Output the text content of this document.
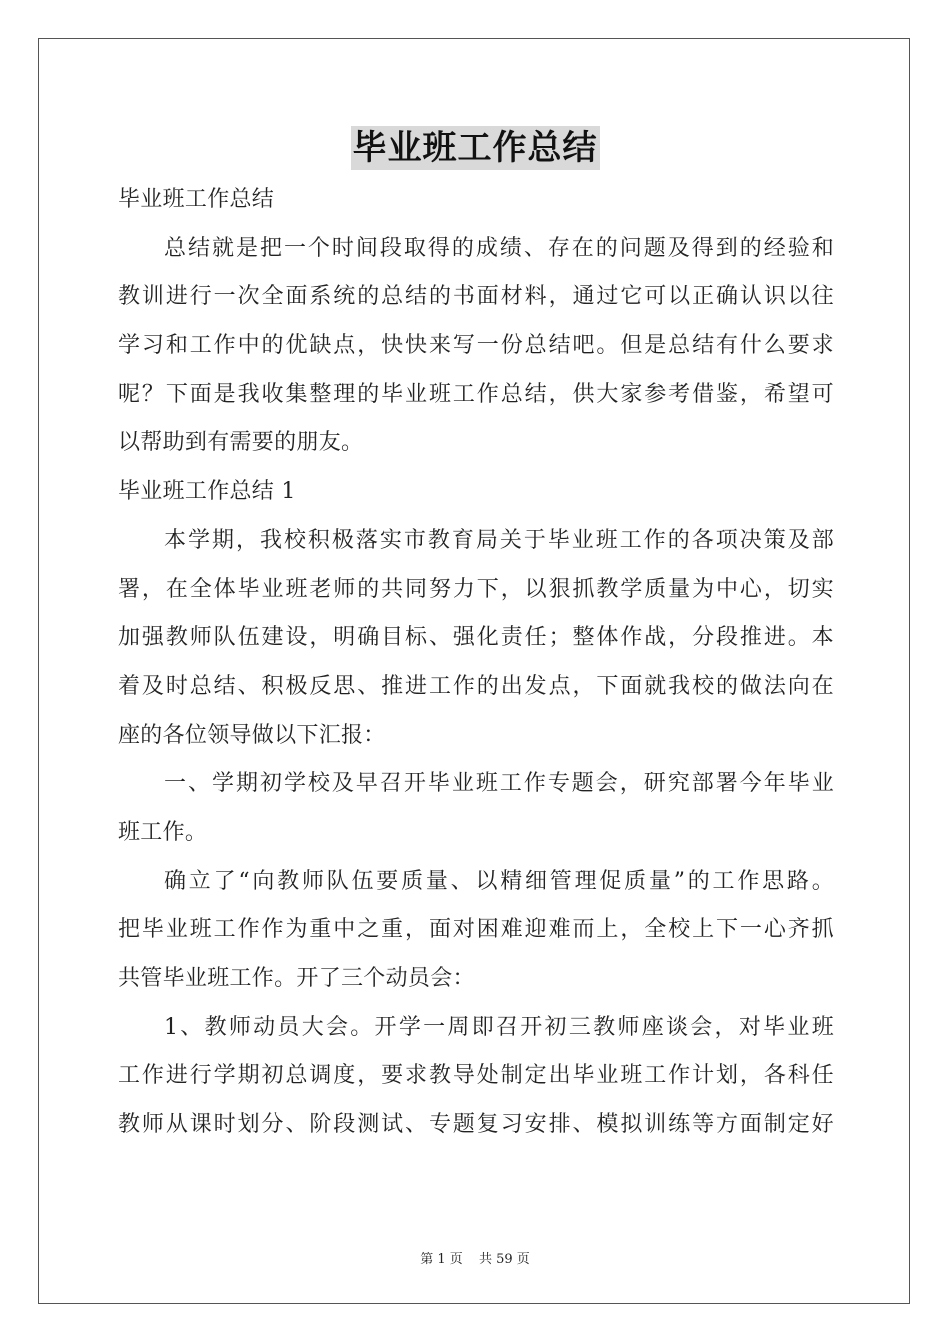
毕业班工作总结
毕业班工作总结
总结就是把一个时间段取得的成绩、存在的问题及得到的经验和
教训进行一次全面系统的总结的书面材料，通过它可以正确认识以往
学习和工作中的优缺点，快快来写一份总结吧。但是总结有什么要求
呢？下面是我收集整理的毕业班工作总结，供大家参考借鉴，希望可
以帮助到有需要的朋友。
毕业班工作总结 1
本学期，我校积极落实市教育局关于毕业班工作的各项决策及部
署，在全体毕业班老师的共同努力下，以狠抓教学质量为中心，切实
加强教师队伍建设，明确目标、强化责任；整体作战，分段推进。本
着及时总结、积极反思、推进工作的出发点，下面就我校的做法向在
座的各位领导做以下汇报：
一、学期初学校及早召开毕业班工作专题会，研究部署今年毕业
班工作。
确立了“向教师队伍要质量、以精细管理促质量”的工作思路。
把毕业班工作作为重中之重，面对困难迎难而上，全校上下一心齐抓
共管毕业班工作。开了三个动员会：
1、教师动员大会。开学一周即召开初三教师座谈会，对毕业班
工作进行学期初总调度，要求教导处制定出毕业班工作计划，各科任
教师从课时划分、阶段测试、专题复习安排、模拟训练等方面制定好
第 1 页 共 59 页
